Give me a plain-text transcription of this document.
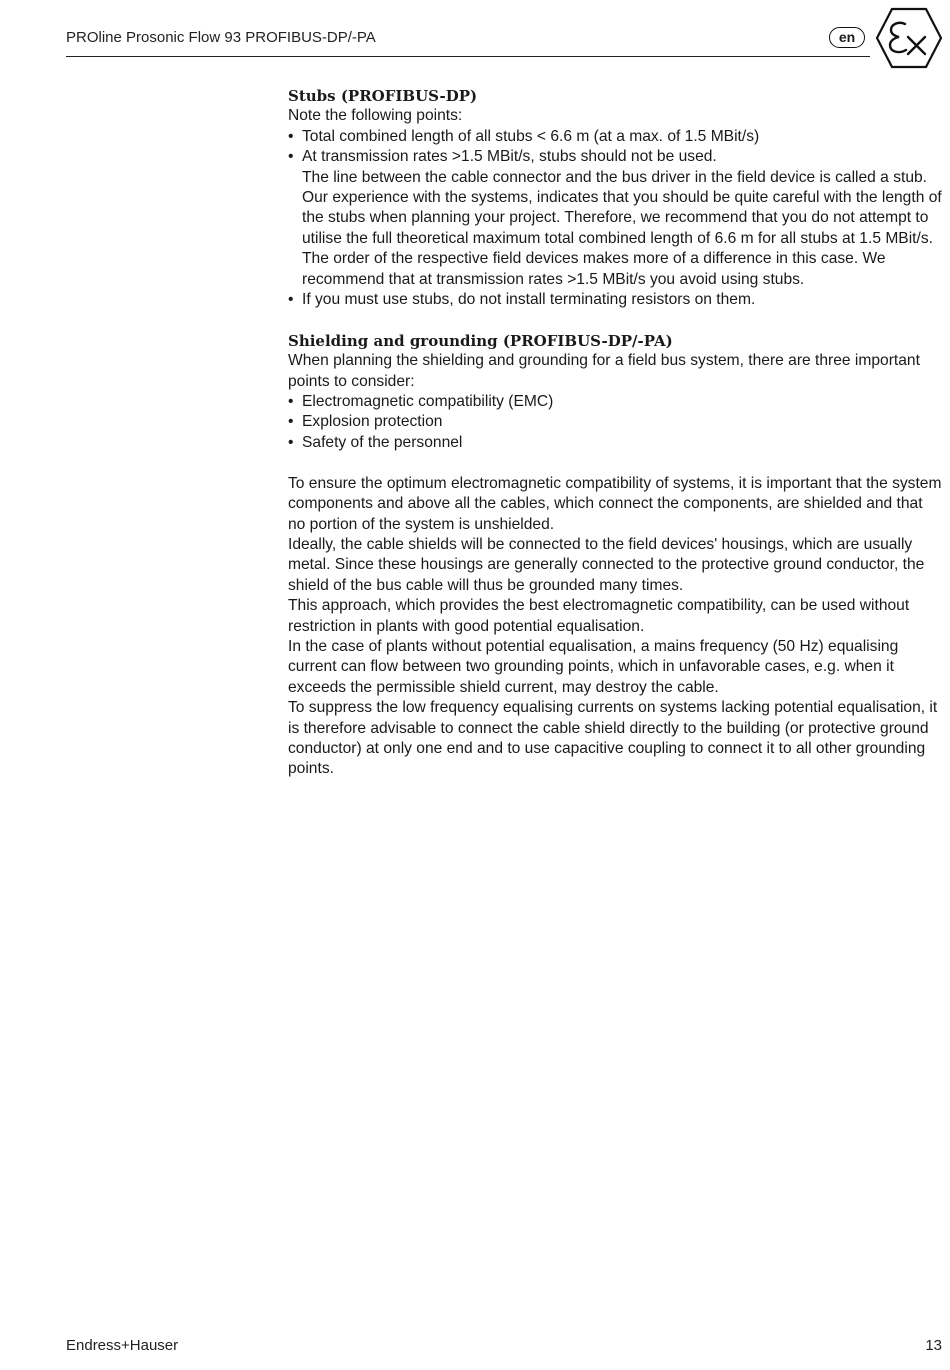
PROline Prosonic Flow 93 PROFIBUS-DP/-PA	en

Stubs (PROFIBUS-DP)

Note the following points:

• Total combined length of all stubs < 6.6 m (at a max. of 1.5 MBit/s)
• At transmission rates >1.5 MBit/s, stubs should not be used.
The line between the cable connector and the bus driver in the field device is called a stub. Our experience with the systems, indicates that you should be quite careful with the length of the stubs when planning your project. Therefore, we recommend that you do not attempt to utilise the full theoretical maximum total combined length of 6.6 m for all stubs at 1.5 MBit/s. The order of the respective field devices makes more of a difference in this case. We recommend that at transmission rates >1.5 MBit/s you avoid using stubs.
• If you must use stubs, do not install terminating resistors on them.

Shielding and grounding (PROFIBUS-DP/-PA)

When planning the shielding and grounding for a field bus system, there are three important points to consider:

• Electromagnetic compatibility (EMC)
• Explosion protection
• Safety of the personnel

To ensure the optimum electromagnetic compatibility of systems, it is important that the system components and above all the cables, which connect the components, are shielded and that no portion of the system is unshielded.

Ideally, the cable shields will be connected to the field devices' housings, which are usually metal. Since these housings are generally connected to the protective ground conductor, the shield of the bus cable will thus be grounded many times.

This approach, which provides the best electromagnetic compatibility, can be used without restriction in plants with good potential equalisation.

In the case of plants without potential equalisation, a mains frequency (50 Hz) equalising current can flow between two grounding points, which in unfavorable cases, e.g. when it exceeds the permissible shield current, may destroy the cable.

To suppress the low frequency equalising currents on systems lacking potential equalisation, it is therefore advisable to connect the cable shield directly to the building (or protective ground conductor) at only one end and to use capacitive coupling to connect it to all other grounding points.

Endress+Hauser	13
